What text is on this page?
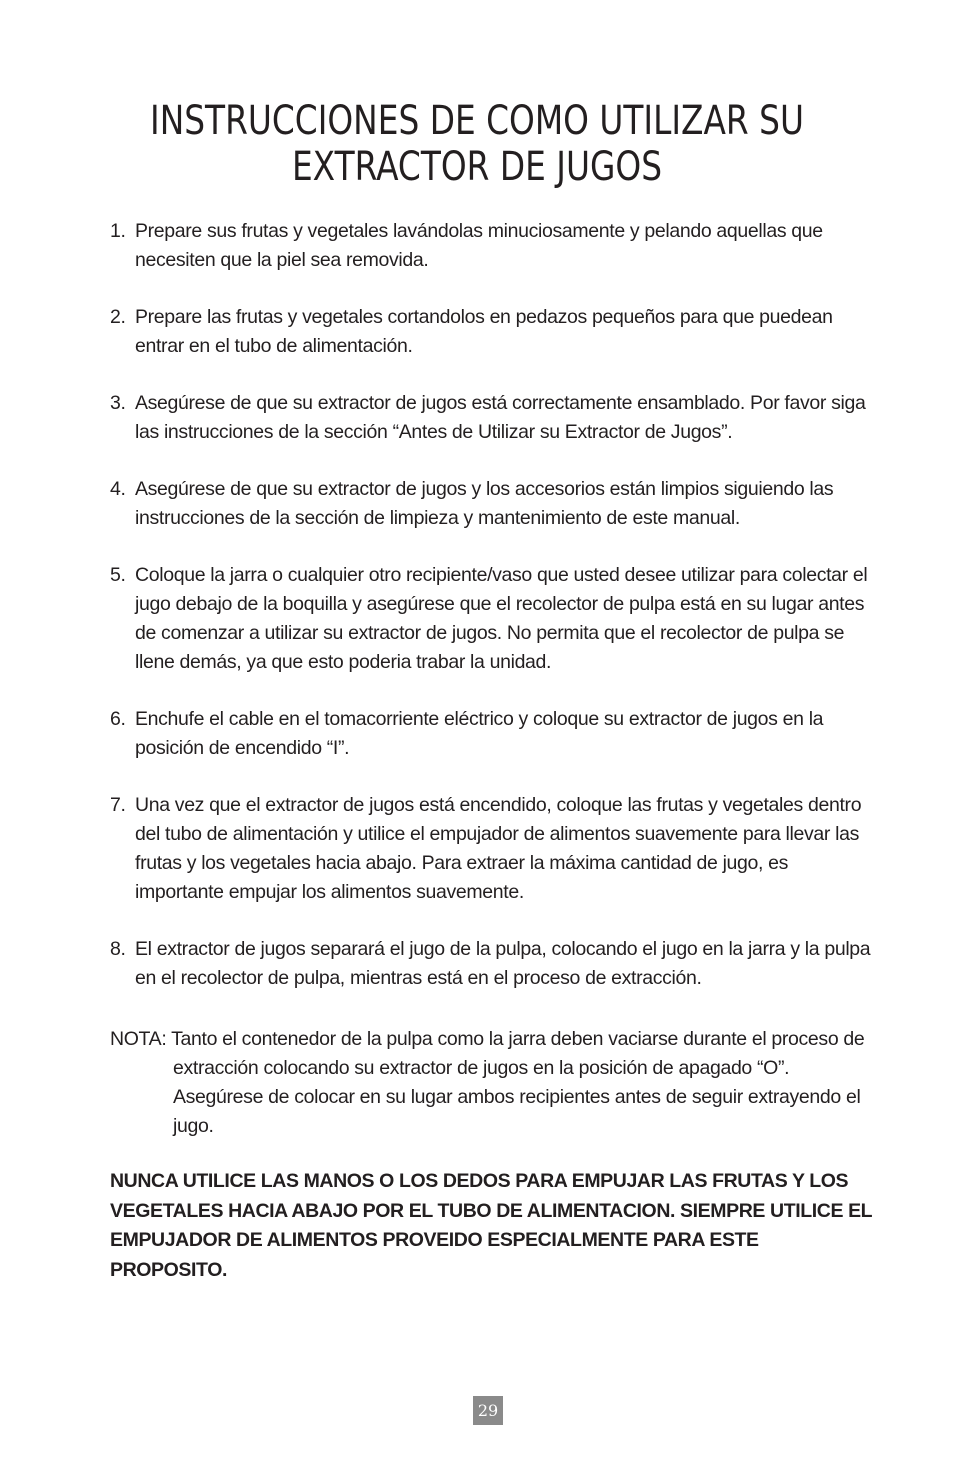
INSTRUCCIONES DE COMO UTILIZAR SU
EXTRACTOR DE JUGOS
1. Prepare sus frutas y vegetales lavándolas minuciosamente y pelando aquellas que necesiten que la piel sea removida.
2. Prepare las frutas y vegetales cortandolos en pedazos pequeños para que puedean entrar en el tubo de alimentación.
3. Asegúrese de que su extractor de jugos está correctamente ensamblado. Por favor siga las instrucciones de la sección “Antes de Utilizar su Extractor de Jugos”.
4. Asegúrese de que su extractor de jugos y los accesorios están limpios siguiendo las instrucciones de la sección de limpieza y mantenimiento de este manual.
5. Coloque la jarra o cualquier otro recipiente/vaso que usted desee utilizar para colectar el jugo debajo de la boquilla y asegúrese que el recolector de pulpa está en su lugar antes de comenzar a utilizar su extractor de jugos. No permita que el recolector de pulpa se llene demás, ya que esto poderia trabar la unidad.
6. Enchufe el cable en el tomacorriente eléctrico y coloque su extractor de jugos en la posición de encendido “I”.
7. Una vez que el extractor de jugos está encendido, coloque las frutas y vegetales dentro del tubo de alimentación y utilice el empujador de alimentos suavemente para llevar las frutas y los vegetales hacia abajo. Para extraer la máxima cantidad de jugo, es importante empujar los alimentos suavemente.
8. El extractor de jugos separará el jugo de la pulpa, colocando el jugo en la jarra y la pulpa en el recolector de pulpa, mientras está en el proceso de extracción.

NOTA: Tanto el contenedor de la pulpa como la jarra deben vaciarse durante el proceso de extracción colocando su extractor de jugos en la posición de apagado “O”. Asegúrese de colocar en su lugar ambos recipientes antes de seguir extrayendo el jugo.

NUNCA UTILICE LAS MANOS O LOS DEDOS PARA EMPUJAR LAS FRUTAS Y LOS VEGETALES HACIA ABAJO POR EL TUBO DE ALIMENTACION. SIEMPRE UTILICE EL EMPUJADOR DE ALIMENTOS PROVEIDO ESPECIALMENTE PARA ESTE PROPOSITO.

29
